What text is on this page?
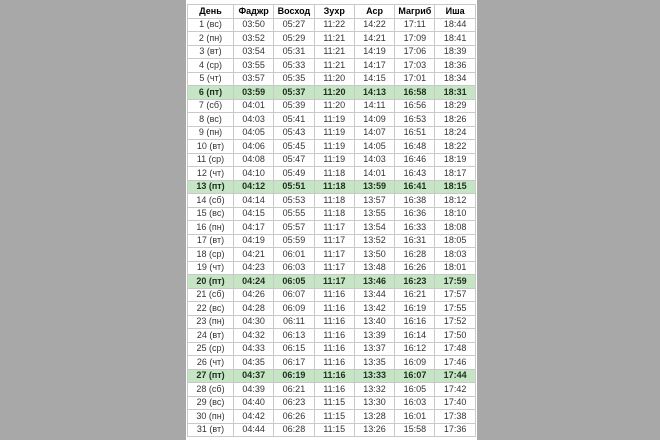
День	Фаджр	Восход	Зухр	Аср	Магриб	Иша
1 (вс)	03:50	05:27	11:22	14:22	17:11	18:44
2 (пн)	03:52	05:29	11:21	14:21	17:09	18:41
3 (вт)	03:54	05:31	11:21	14:19	17:06	18:39
4 (ср)	03:55	05:33	11:21	14:17	17:03	18:36
5 (чт)	03:57	05:35	11:20	14:15	17:01	18:34
6 (пт)	03:59	05:37	11:20	14:13	16:58	18:31
7 (сб)	04:01	05:39	11:20	14:11	16:56	18:29
8 (вс)	04:03	05:41	11:19	14:09	16:53	18:26
9 (пн)	04:05	05:43	11:19	14:07	16:51	18:24
10 (вт)	04:06	05:45	11:19	14:05	16:48	18:22
11 (ср)	04:08	05:47	11:19	14:03	16:46	18:19
12 (чт)	04:10	05:49	11:18	14:01	16:43	18:17
13 (пт)	04:12	05:51	11:18	13:59	16:41	18:15
14 (сб)	04:14	05:53	11:18	13:57	16:38	18:12
15 (вс)	04:15	05:55	11:18	13:55	16:36	18:10
16 (пн)	04:17	05:57	11:17	13:54	16:33	18:08
17 (вт)	04:19	05:59	11:17	13:52	16:31	18:05
18 (ср)	04:21	06:01	11:17	13:50	16:28	18:03
19 (чт)	04:23	06:03	11:17	13:48	16:26	18:01
20 (пт)	04:24	06:05	11:17	13:46	16:23	17:59
21 (сб)	04:26	06:07	11:16	13:44	16:21	17:57
22 (вс)	04:28	06:09	11:16	13:42	16:19	17:55
23 (пн)	04:30	06:11	11:16	13:40	16:16	17:52
24 (вт)	04:32	06:13	11:16	13:39	16:14	17:50
25 (ср)	04:33	06:15	11:16	13:37	16:12	17:48
26 (чт)	04:35	06:17	11:16	13:35	16:09	17:46
27 (пт)	04:37	06:19	11:16	13:33	16:07	17:44
28 (сб)	04:39	06:21	11:16	13:32	16:05	17:42
29 (вс)	04:40	06:23	11:15	13:30	16:03	17:40
30 (пн)	04:42	06:26	11:15	13:28	16:01	17:38
31 (вт)	04:44	06:28	11:15	13:26	15:58	17:36
